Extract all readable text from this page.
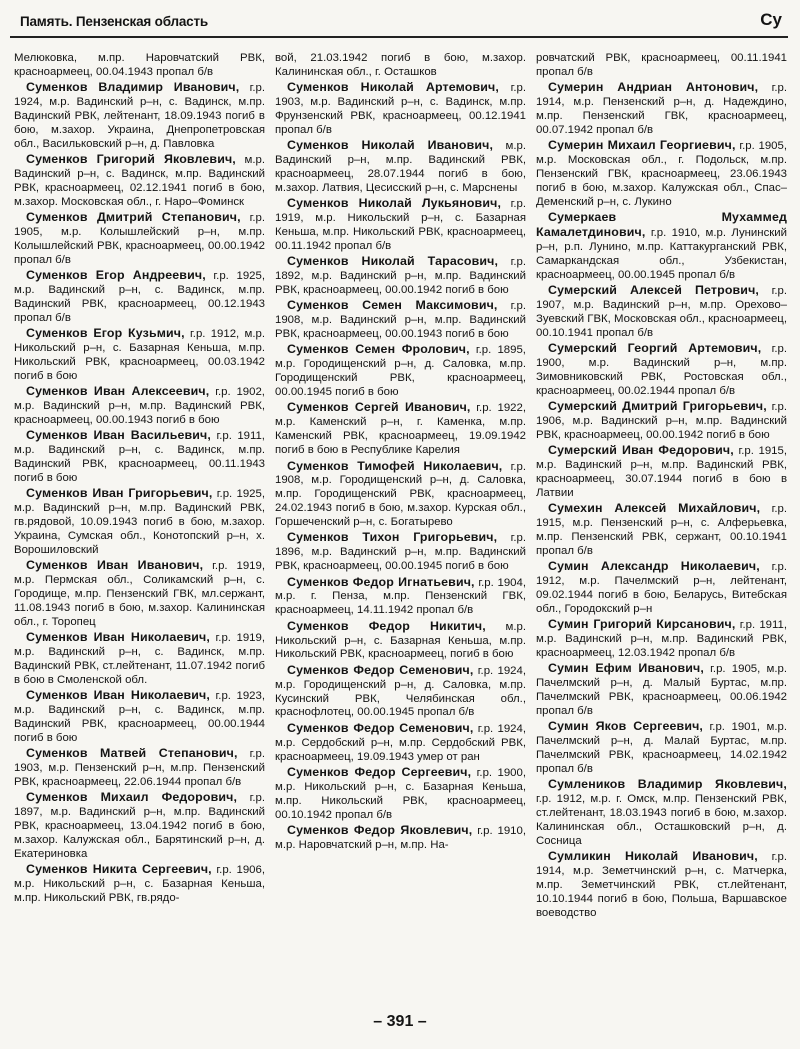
Память. Пензенская область	Су

Мелюковка, м.пр. Наровчатский РВК, красноармеец, 00.04.1943 пропал б/в

Суменков Владимир Иванович, г.р. 1924, м.р. Вадинский р–н, с. Вадинск, м.пр. Вадинский РВК, лейтенант, 18.09.1943 погиб в бою, м.захор. Украина, Днепропетровская обл., Васильковский р–н, д. Павловка

Суменков Григорий Яковлевич, м.р. Вадинский р–н, с. Вадинск, м.пр. Вадинский РВК, красноармеец, 02.12.1941 погиб в бою, м.захор. Московская обл., г. Наро–Фоминск

Суменков Дмитрий Степанович, г.р. 1905, м.р. Колышлейский р–н, м.пр. Колышлейский РВК, красноармеец, 00.00.1942 пропал б/в

Суменков Егор Андреевич, г.р. 1925, м.р. Вадинский р–н, с. Вадинск, м.пр. Вадинский РВК, красноармеец, 00.12.1943 пропал б/в

Суменков Егор Кузьмич, г.р. 1912, м.р. Никольский р–н, с. Базарная Кеньша, м.пр. Никольский РВК, красноармеец, 00.03.1942 погиб в бою

Суменков Иван Алексеевич, г.р. 1902, м.р. Вадинский р–н, м.пр. Вадинский РВК, красноармеец, 00.00.1943 погиб в бою

Суменков Иван Васильевич, г.р. 1911, м.р. Вадинский р–н, с. Вадинск, м.пр. Вадинский РВК, красноармеец, 00.11.1943 погиб в бою

Суменков Иван Григорьевич, г.р. 1925, м.р. Вадинский р–н, м.пр. Вадинский РВК, гв.рядовой, 10.09.1943 погиб в бою, м.захор. Украина, Сумская обл., Конотопский р–н, х. Ворошиловский

Суменков Иван Иванович, г.р. 1919, м.р. Пермская обл., Соликамский р–н, с. Городище, м.пр. Пензенский ГВК, мл.сержант, 11.08.1943 погиб в бою, м.захор. Калининская обл., г. Торопец

Суменков Иван Николаевич, г.р. 1919, м.р. Вадинский р–н, с. Вадинск, м.пр. Вадинский РВК, ст.лейтенант, 11.07.1942 погиб в бою в Смоленской обл.

Суменков Иван Николаевич, г.р. 1923, м.р. Вадинский р–н, с. Вадинск, м.пр. Вадинский РВК, красноармеец, 00.00.1944 погиб в бою

Суменков Матвей Степанович, г.р. 1903, м.р. Пензенский р–н, м.пр. Пензенский РВК, красноармеец, 22.06.1944 пропал б/в

Суменков Михаил Федорович, г.р. 1897, м.р. Вадинский р–н, м.пр. Вадинский РВК, красноармеец, 13.04.1942 погиб в бою, м.захор. Калужская обл., Барятинский р–н, д. Екатериновка

Суменков Никита Сергеевич, г.р. 1906, м.р. Никольский р–н, с. Базарная Кеньша, м.пр. Никольский РВК, гв.рядо-

вой, 21.03.1942 погиб в бою, м.захор. Калининская обл., г. Осташков

Суменков Николай Артемович, г.р. 1903, м.р. Вадинский р–н, с. Вадинск, м.пр. Фрунзенский РВК, красноармеец, 00.12.1941 пропал б/в

Суменков Николай Иванович, м.р. Вадинский р–н, м.пр. Вадинский РВК, красноармеец, 28.07.1944 погиб в бою, м.захор. Латвия, Цесисский р–н, с. Марснены

Суменков Николай Лукьянович, г.р. 1919, м.р. Никольский р–н, с. Базарная Кеньша, м.пр. Никольский РВК, красноармеец, 00.11.1942 пропал б/в

Суменков Николай Тарасович, г.р. 1892, м.р. Вадинский р–н, м.пр. Вадинский РВК, красноармеец, 00.00.1942 погиб в бою

Суменков Семен Максимович, г.р. 1908, м.р. Вадинский р–н, м.пр. Вадинский РВК, красноармеец, 00.00.1943 погиб в бою

Суменков Семен Фролович, г.р. 1895, м.р. Городищенский р–н, д. Саловка, м.пр. Городищенский РВК, красноармеец, 00.00.1945 погиб в бою

Суменков Сергей Иванович, г.р. 1922, м.р. Каменский р–н, г. Каменка, м.пр. Каменский РВК, красноармеец, 19.09.1942 погиб в бою в Республике Карелия

Суменков Тимофей Николаевич, г.р. 1908, м.р. Городищенский р–н, д. Саловка, м.пр. Городищенский РВК, красноармеец, 24.02.1943 погиб в бою, м.захор. Курская обл., Горшеченский р–н, с. Богатырево

Суменков Тихон Григорьевич, г.р. 1896, м.р. Вадинский р–н, м.пр. Вадинский РВК, красноармеец, 00.00.1945 погиб в бою

Суменков Федор Игнатьевич, г.р. 1904, м.р. г. Пенза, м.пр. Пензенский ГВК, красноармеец, 14.11.1942 пропал б/в

Суменков Федор Никитич, м.р. Никольский р–н, с. Базарная Кеньша, м.пр. Никольский РВК, красноармеец, погиб в бою

Суменков Федор Семенович, г.р. 1924, м.р. Городищенский р–н, д. Саловка, м.пр. Кусинский РВК, Челябинская обл., краснофлотец, 00.00.1945 пропал б/в

Суменков Федор Семенович, г.р. 1924, м.р. Сердобский р–н, м.пр. Сердобский РВК, красноармеец, 19.09.1943 умер от ран

Суменков Федор Сергеевич, г.р. 1900, м.р. Никольский р–н, с. Базарная Кеньша, м.пр. Никольский РВК, красноармеец, 00.10.1942 пропал б/в

Суменков Федор Яковлевич, г.р. 1910, м.р. Наровчатский р–н, м.пр. На-

ровчатский РВК, красноармеец, 00.11.1941 пропал б/в

Сумерин Андриан Антонович, г.р. 1914, м.р. Пензенский р–н, д. Надеждино, м.пр. Пензенский ГВК, красноармеец, 00.07.1942 пропал б/в

Сумерин Михаил Георгиевич, г.р. 1905, м.р. Московская обл., г. Подольск, м.пр. Пензенский ГВК, красноармеец, 23.06.1943 погиб в бою, м.захор. Калужская обл., Спас–Деменский р–н, с. Лукино

Сумеркаев Мухаммед Камалетдинович, г.р. 1910, м.р. Лунинский р–н, р.п. Лунино, м.пр. Каттакурганский РВК, Самаркандская обл., Узбекистан, красноармеец, 00.00.1945 пропал б/в

Сумерский Алексей Петрович, г.р. 1907, м.р. Вадинский р–н, м.пр. Орехово–Зуевский ГВК, Московская обл., красноармеец, 00.10.1941 пропал б/в

Сумерский Георгий Артемович, г.р. 1900, м.р. Вадинский р–н, м.пр. Зимовниковский РВК, Ростовская обл., красноармеец, 00.02.1944 пропал б/в

Сумерский Дмитрий Григорьевич, г.р. 1906, м.р. Вадинский р–н, м.пр. Вадинский РВК, красноармеец, 00.00.1942 погиб в бою

Сумерский Иван Федорович, г.р. 1915, м.р. Вадинский р–н, м.пр. Вадинский РВК, красноармеец, 30.07.1944 погиб в бою в Латвии

Сумехин Алексей Михайлович, г.р. 1915, м.р. Пензенский р–н, с. Алферьевка, м.пр. Пензенский РВК, сержант, 00.10.1941 пропал б/в

Сумин Александр Николаевич, г.р. 1912, м.р. Пачелмский р–н, лейтенант, 09.02.1944 погиб в бою, Беларусь, Витебская обл., Городокский р–н

Сумин Григорий Кирсанович, г.р. 1911, м.р. Вадинский р–н, м.пр. Вадинский РВК, красноармеец, 12.03.1942 пропал б/в

Сумин Ефим Иванович, г.р. 1905, м.р. Пачелмский р–н, д. Малый Буртас, м.пр. Пачелмский РВК, красноармеец, 00.06.1942 пропал б/в

Сумин Яков Сергеевич, г.р. 1901, м.р. Пачелмский р–н, д. Малай Буртас, м.пр. Пачелмский РВК, красноармеец, 14.02.1942 пропал б/в

Сумлеников Владимир Яковлевич, г.р. 1912, м.р. г. Омск, м.пр. Пензенский РВК, ст.лейтенант, 18.03.1943 погиб в бою, м.захор. Калининская обл., Осташковский р–н, д. Сосница

Сумликин Николай Иванович, г.р. 1914, м.р. Земетчинский р–н, с. Матчерка, м.пр. Земетчинский РВК, ст.лейтенант, 10.10.1944 погиб в бою, Польша, Варшавское воеводство

– 391 –
